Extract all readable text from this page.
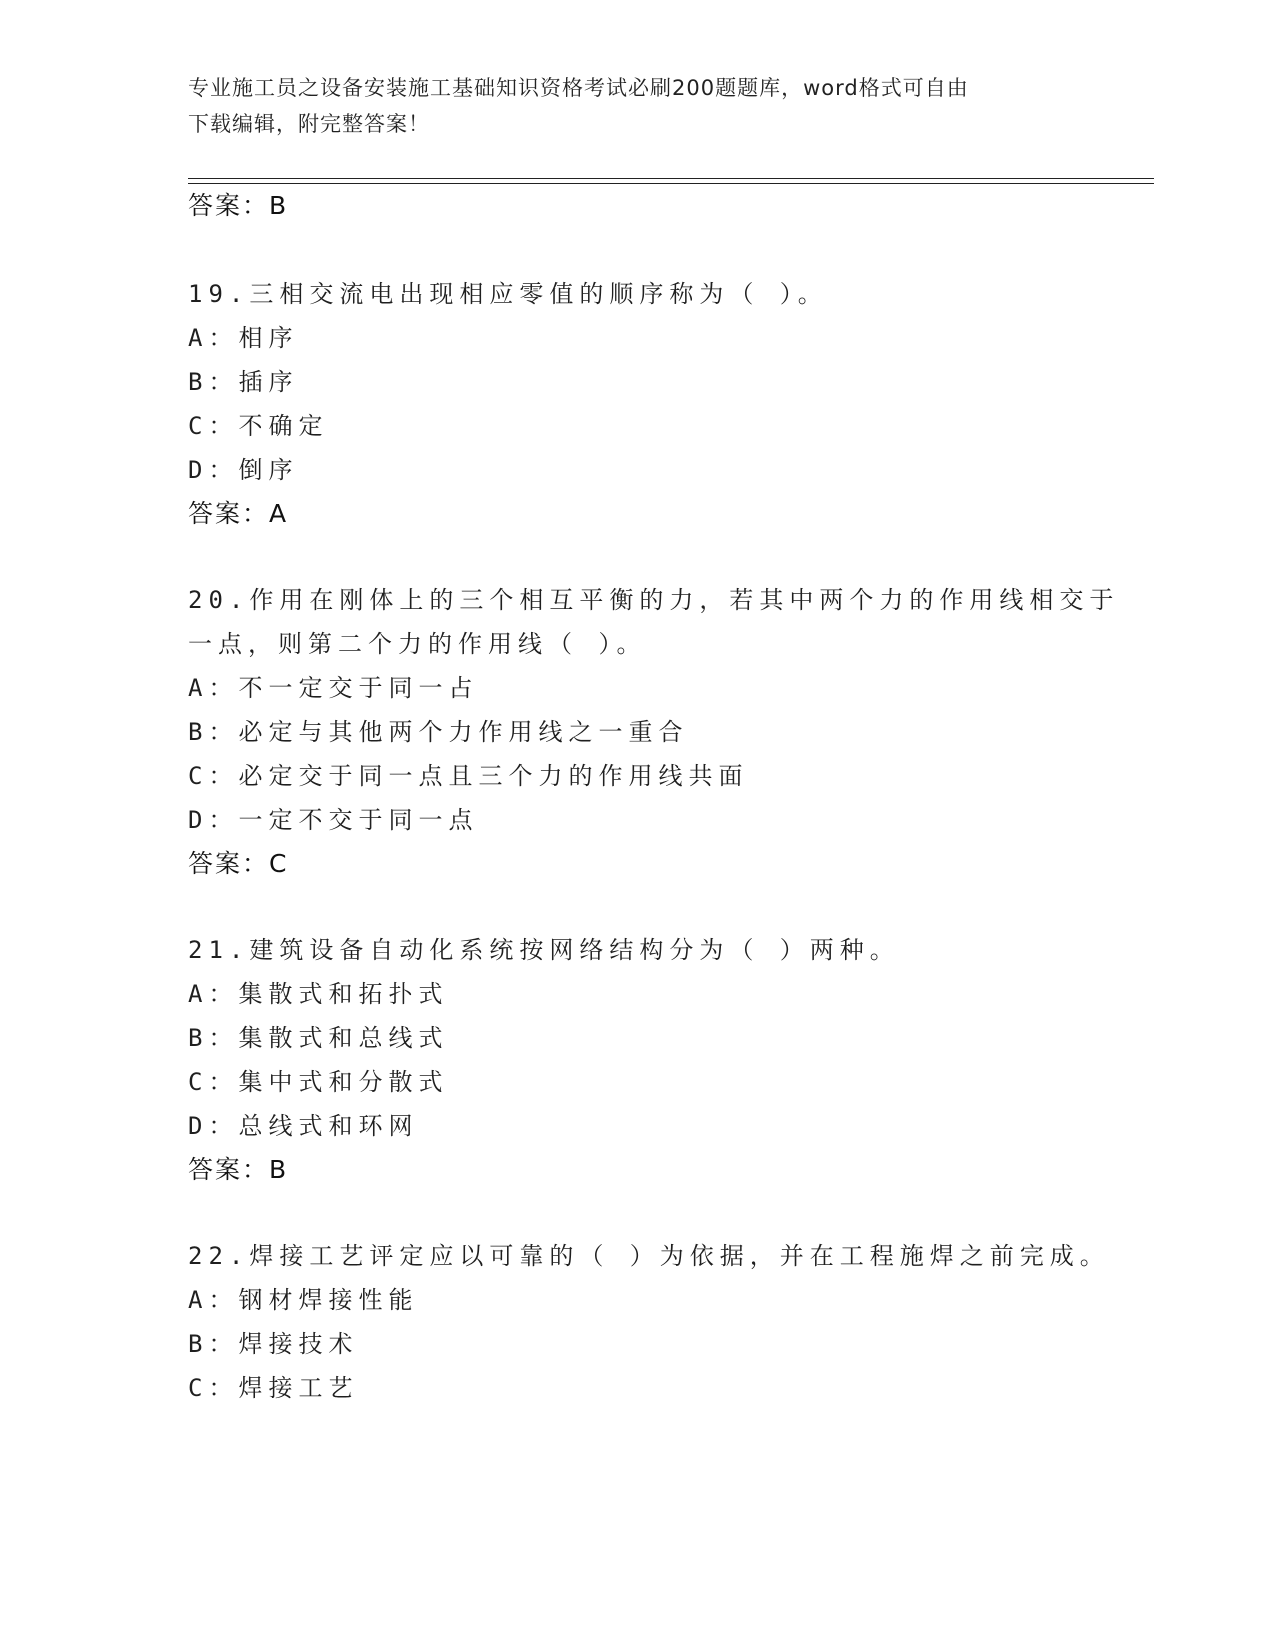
专业施工员之设备安装施工基础知识资格考试必刷200题题库，word格式可自由
下载编辑，附完整答案！
答案：B
19.三相交流电出现相应零值的顺序称为（ ）。
A：相序
B：插序
C：不确定
D：倒序
答案：A
20.作用在刚体上的三个相互平衡的力，若其中两个力的作用线相交于
一点，则第二个力的作用线（ ）。
A：不一定交于同一占
B：必定与其他两个力作用线之一重合
C：必定交于同一点且三个力的作用线共面
D：一定不交于同一点
答案：C
21.建筑设备自动化系统按网络结构分为（ ）两种。
A：集散式和拓扑式
B：集散式和总线式
C：集中式和分散式
D：总线式和环网
答案：B
22.焊接工艺评定应以可靠的（ ）为依据，并在工程施焊之前完成。
A：钢材焊接性能
B：焊接技术
C：焊接工艺
